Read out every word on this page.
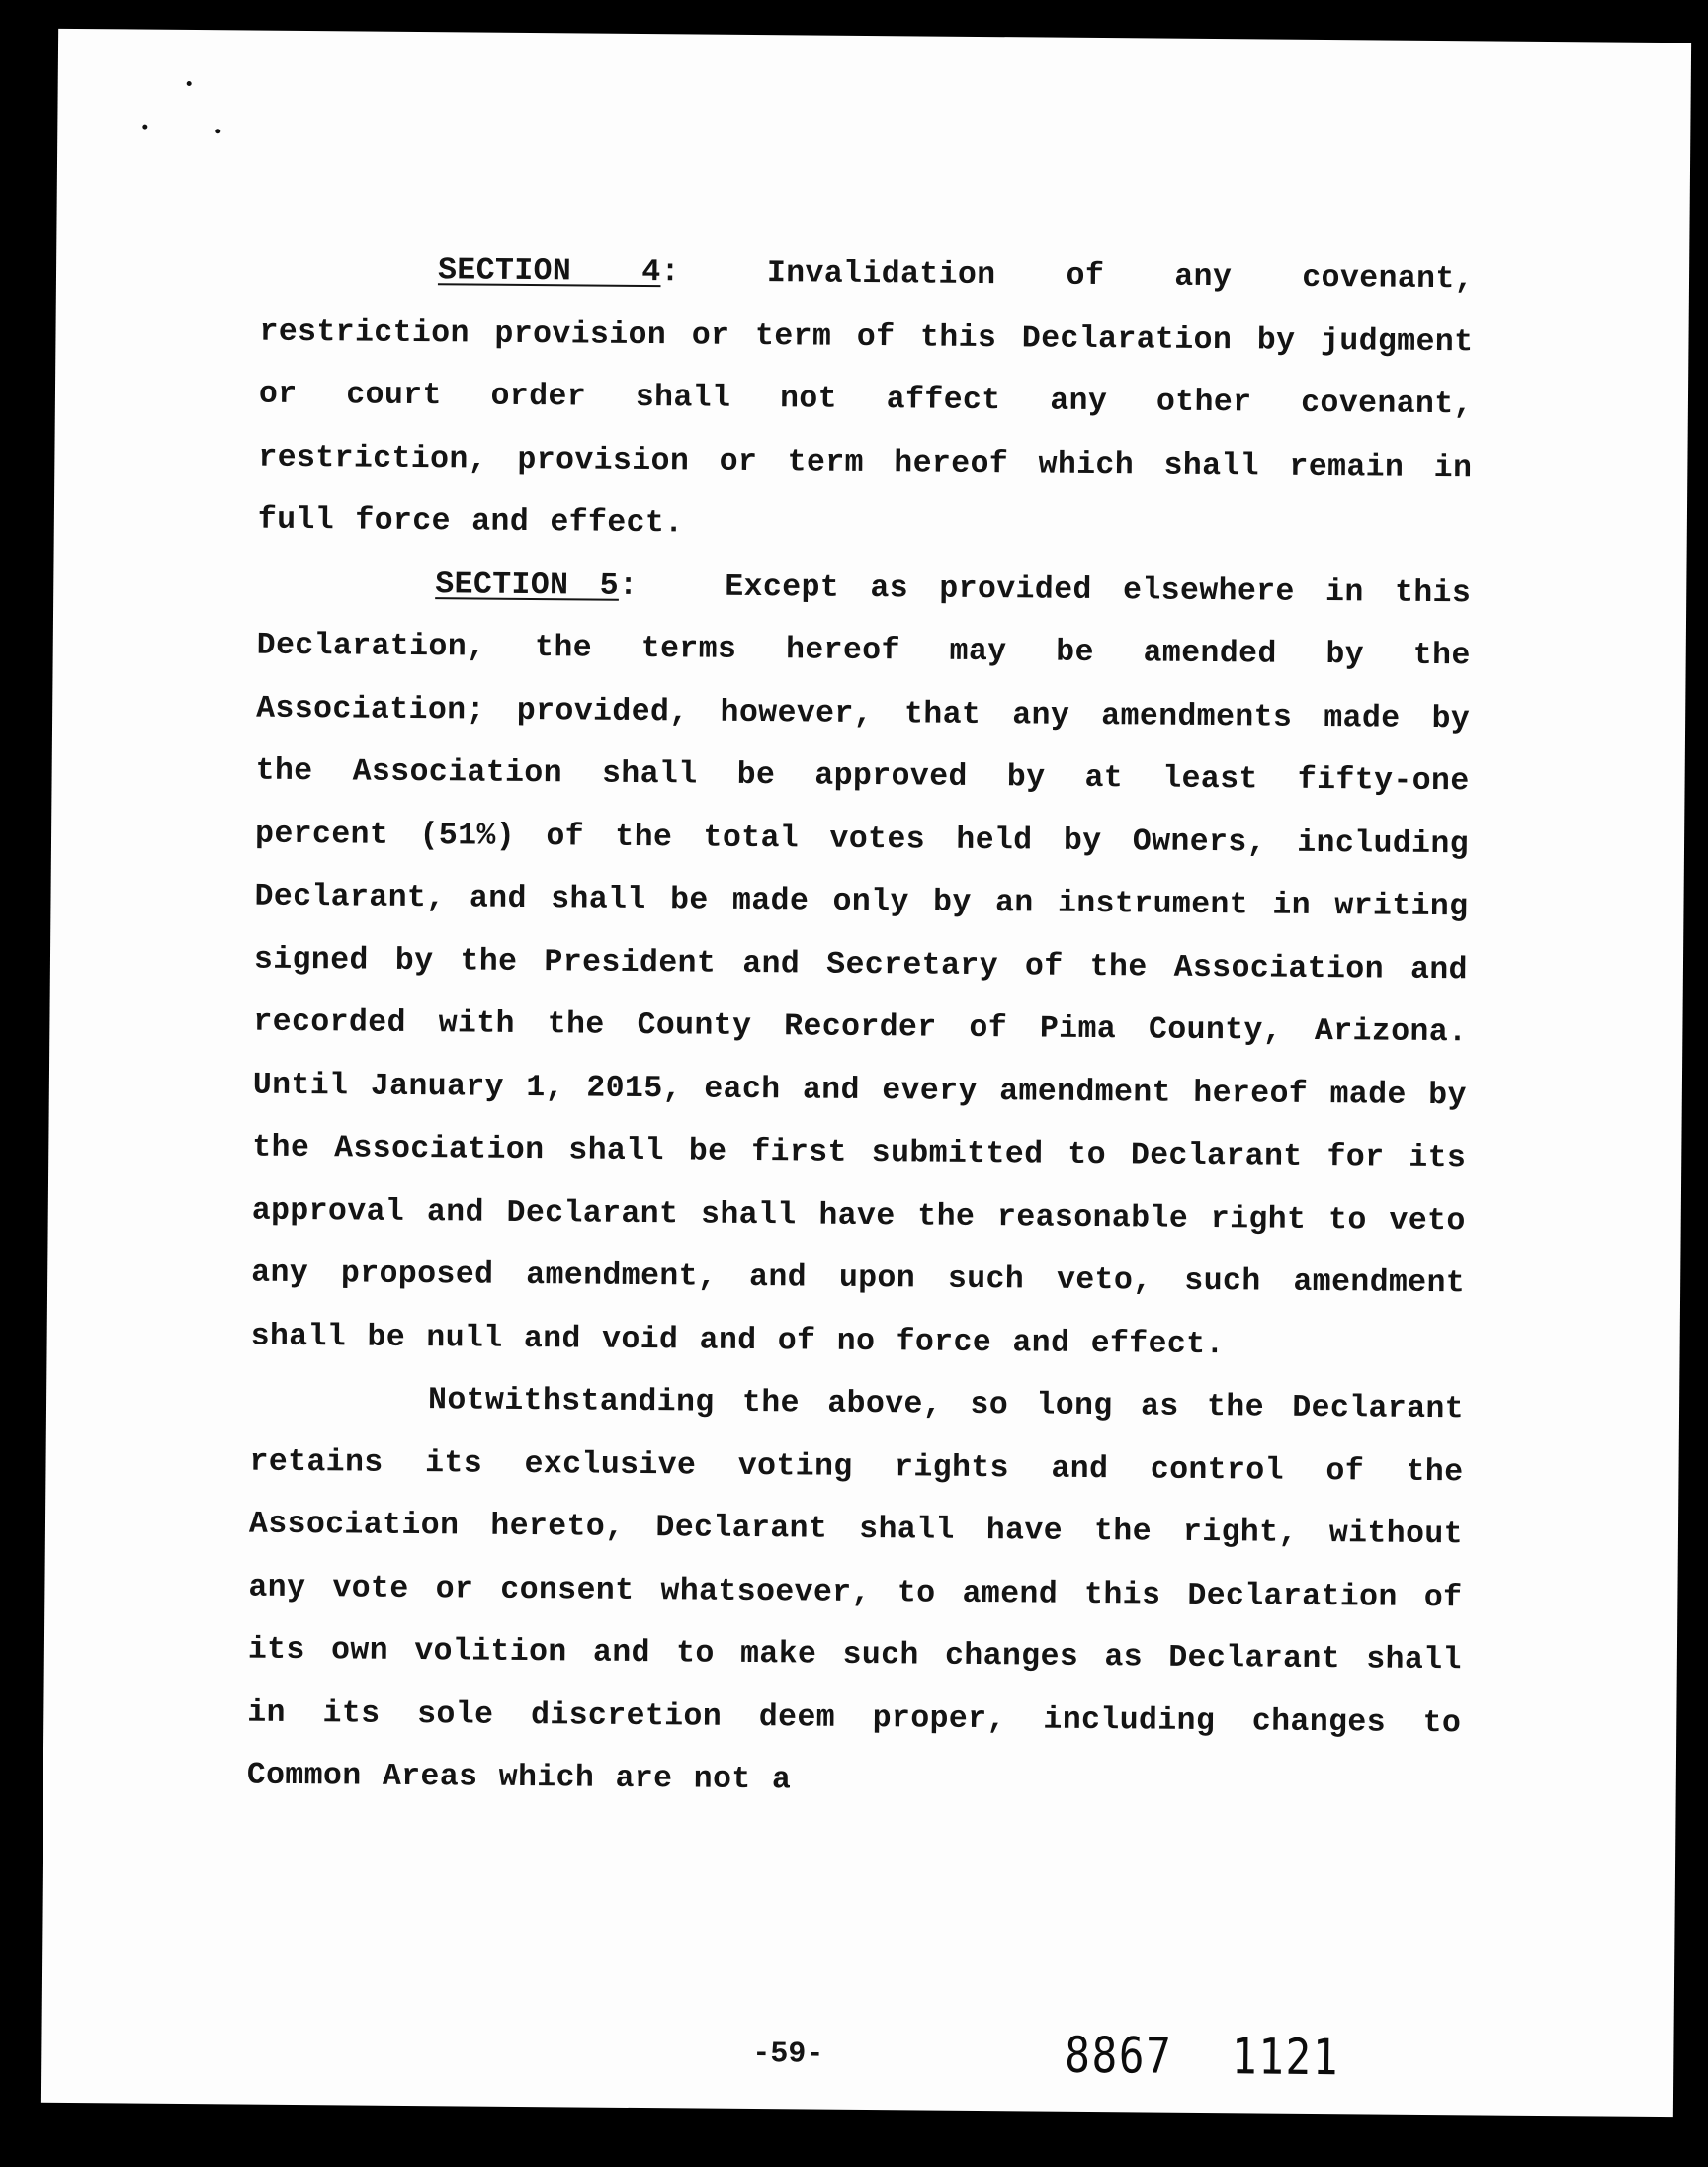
SECTION 4:	Invalidation of any covenant, restriction provision or term of this Declaration by judgment or court order shall not affect any other covenant, restriction, provision or term hereof which shall remain in full force and effect.

SECTION 5:	Except as provided elsewhere in this Declaration, the terms hereof may be amended by the Association; provided, however, that any amendments made by the Association shall be approved by at least fifty-one percent (51%) of the total votes held by Owners, including Declarant, and shall be made only by an instrument in writing signed by the President and Secretary of the Association and recorded with the County Recorder of Pima County, Arizona. Until January 1, 2015, each and every amendment hereof made by the Association shall be first submitted to Declarant for its approval and Declarant shall have the reasonable right to veto any proposed amendment, and upon such veto, such amendment shall be null and void and of no force and effect.

Notwithstanding the above, so long as the Declarant retains its exclusive voting rights and control of the Association hereto, Declarant shall have the right, without any vote or consent whatsoever, to amend this Declaration of its own volition and to make such changes as Declarant shall in its sole discretion deem proper, including changes to Common Areas which are not a

-59-	8867 1121
